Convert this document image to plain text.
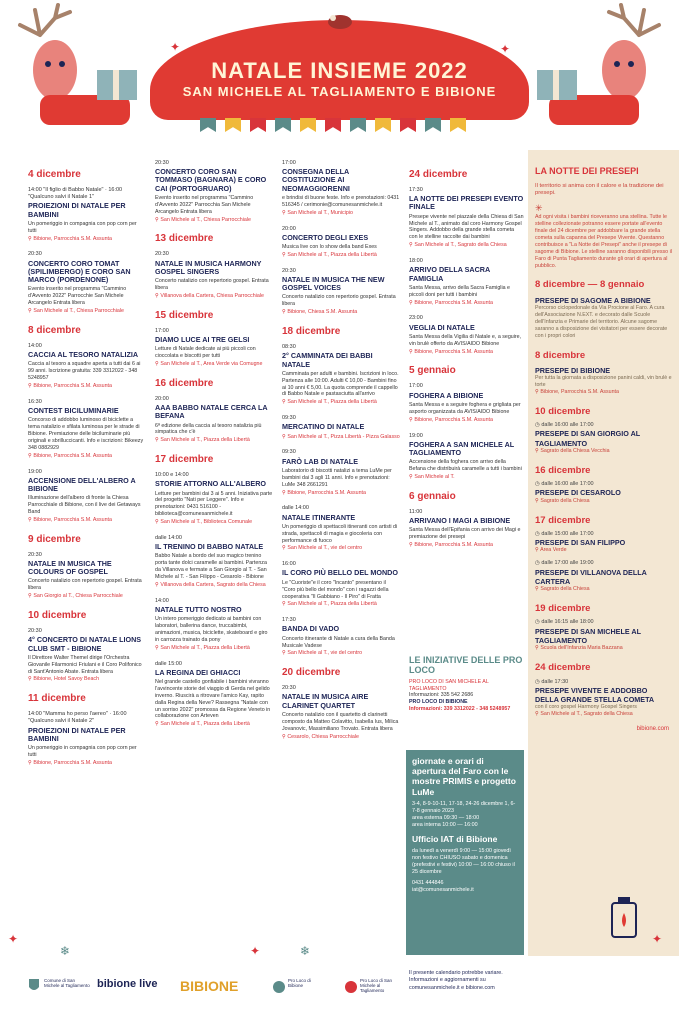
NATALE INSIEME 2022
SAN MICHELE AL TAGLIAMENTO E BIBIONE
✦	✦
4 dicembre
14:00 "Il figlio di Babbo Natale" · 16:00 "Qualcuno salvi il Natale 1"
PROIEZIONI DI NATALE PER BAMBINI
Un pomeriggio in compagnia con pop corn per tutti
⚲ Bibione, Parrocchia S.M. Assunta
20:30
CONCERTO CORO TOMAT (SPILIMBERGO) E CORO SAN MARCO (PORDENONE)
Evento inserito nel programma "Cammino d'Avvento 2022" Parrocchie San Michele Arcangelo Entrata libera
⚲ San Michele al T., Chiesa Parrocchiale
8 dicembre
14:00
CACCIA AL TESORO NATALIZIA
Caccia al tesoro a squadre aperta a tutti dai 6 ai 99 anni. Iscrizione gratuita: 339 3312022 - 348 5248957
⚲ Bibione, Parrocchia S.M. Assunta
16:30
CONTEST BICILUMINARIE
Concorso di addobbo luminoso di biciclette a tema natalizio e sfilata luminosa per le strade di Bibione. Premiazione delle biciluminarie più originali e sbrilluccicanti. Info e iscrizioni: Bikeezy 348 0882929
⚲ Bibione, Parrocchia S.M. Assunta
19:00
ACCENSIONE DELL'ALBERO A BIBIONE
Illuminazione dell'albero di fronte la Chiesa Parrocchiale di Bibione, con il live dei Getaways Band
⚲ Bibione, Parrocchia S.M. Assunta
9 dicembre
20:30
NATALE IN MUSICA THE COLOURS OF GOSPEL
Concerto natalizio con repertorio gospel. Entrata libera
⚲ San Giorgio al T., Chiesa Parrocchiale
10 dicembre
20:30
4° CONCERTO DI NATALE LIONS CLUB SMT - BIBIONE
Il Direttore Walter Themel dirige l'Orchestra Giovanile Filarmonici Friulani e il Coro Polifonico di Sant'Antonio Abate. Entrata libera
⚲ Bibione, Hotel Savoy Beach
11 dicembre
14:00 "Mamma ho perso l'aereo" · 16:00 "Qualcuno salvi il Natale 2"
PROIEZIONI DI NATALE PER BAMBINI
Un pomeriggio in compagnia con pop corn per tutti
⚲ Bibione, Parrocchia S.M. Assunta
20:30
CONCERTO CORO SAN TOMMASO (BAGNARA) E CORO CAI (PORTOGRUARO)
Evento inserito nel programma "Cammino d'Avvento 2022" Parrocchia San Michele Arcangelo Entrata libera
⚲ San Michele al T., Chiesa Parrocchiale
13 dicembre
20:30
NATALE IN MUSICA HARMONY GOSPEL SINGERS
Concerto natalizio con repertorio gospel. Entrata libera
⚲ Villanova della Cartera, Chiesa Parrocchiale
15 dicembre
17:00
DIAMO LUCE AI TRE GELSI
Letture di Natale dedicate ai più piccoli con cioccolata e biscotti per tutti
⚲ San Michele al T., Area Verde via Comugne
16 dicembre
20:00
AAA BABBO NATALE CERCA LA BEFANA
6ª edizione della caccia al tesoro natalizia più simpatica che c'è
⚲ San Michele al T., Piazza della Libertà
17 dicembre
10:00 e 14:00
STORIE ATTORNO ALL'ALBERO
Letture per bambini dai 3 ai 5 anni. Iniziativa parte del progetto "Nati per Leggere". Info e prenotazioni: 0431 516100 - biblioteca@comunesanmichele.it
⚲ San Michele al T., Biblioteca Comunale
dalle 14:00
IL TRENINO DI BABBO NATALE
Babbo Natale a bordo del suo magico trenino porta tante dolci caramelle ai bambini. Partenza da Villanova e fermate a San Giorgio al T. - San Michele al T. - San Filippo - Cesarolo - Bibione
⚲ Villanova della Cartera, Sagrato della Chiesa
14:00
NATALE TUTTO NOSTRO
Un intero pomeriggio dedicato ai bambini con laboratori, ballerina dance, truccabimbi, animazioni, musica, biciclette, skateboard e giro in carrozza trainato da pony
⚲ San Michele al T., Piazza della Libertà
dalle 15:00
LA REGINA DEI GHIACCI
Nel grande castello gonfiabile i bambini vivranno l'avvincente storie del viaggio di Gerda nel gelido inverno. Riuscirà a ritrovare l'amico Kay, rapito dalla Regina della Neve? Rassegna "Natale con un sorriso 2022" promossa da Regione Veneto in collaborazione con Arteven
⚲ San Michele al T., Piazza della Libertà
17:00
CONSEGNA DELLA COSTITUZIONE AI NEOMAGGIORENNI
e brindisi di buone feste. Info e prenotazioni: 0431 516345 / cerimonie@comunesanmichele.it
⚲ San Michele al T., Municipio
20:00
CONCERTO DEGLI EXES
Musica live con lo show della band Exes
⚲ San Michele al T., Piazza della Libertà
20:30
NATALE IN MUSICA THE NEW GOSPEL VOICES
Concerto natalizio con repertorio gospel. Entrata libera
⚲ Bibione, Chiesa S.M. Assunta
18 dicembre
08:30
2° CAMMINATA DEI BABBI NATALE
Camminata per adulti e bambini. Iscrizioni in loco. Partenza alle 10:00. Adulti € 10,00 - Bambini fino ai 10 anni € 5,00. La quota comprende il cappello di Babbo Natale e pastasciutta all'arrivo
⚲ San Michele al T., Piazza della Libertà
09:30
MERCATINO DI NATALE
⚲ San Michele al T., Pizza Libertà - Pizza Galasso
09:30
FARÒ LAB DI NATALE
Laboratorio di biscotti natalizi a tema LuMe per bambini dai 3 agli 11 anni. Info e prenotazioni: LuMe 348 2661291
⚲ Bibione, Parrocchia S.M. Assunta
dalle 14:00
NATALE ITINERANTE
Un pomeriggio di spettacoli itineranti con artisti di strada, spettacoli di magia e giocoleria con performance di fuoco
⚲ San Michele al T., vie del centro
16:00
IL CORO PIÙ BELLO DEL MONDO
Le "Cuoriste"e il coro "Incanto" presentano il "Coro più bello del mondo" con i ragazzi della cooperativa "Il Gabbiano - Il Piro" di Fratta
⚲ San Michele al T., Piazza della Libertà
17:30
BANDA DI VADO
Concerto itinerante di Natale a cura della Banda Musicale Vadese
⚲ San Michele al T., vie del centro
20 dicembre
20:30
NATALE IN MUSICA AIRE CLARINET QUARTET
Concerto natalizio con il quartetto di clarinetti composto da Matteo Colavitto, Isabella Ius, Milica Jovanovic, Massimiliano Trovato. Entrata libera
⚲ Cesarolo, Chiesa Parrocchiale
24 dicembre
17:30
LA NOTTE DEI PRESEPI EVENTO FINALE
Presepe vivente nel piazzale della Chiesa di San Michele al T., animato dal coro Harmony Gospel Singers. Addobbo della grande stella cometa con le stelline raccolte dai bambini
⚲ San Michele al T., Sagrato della Chiesa
18:00
ARRIVO DELLA SACRA FAMIGLIA
Santa Messa, arrivo della Sacra Famiglia e piccoli doni per tutti i bambini
⚲ Bibione, Parrocchia S.M. Assunta
23:00
VEGLIA DI NATALE
Santa Messa della Vigilia di Natale e, a seguire, vin brulè offerto da AVIS/AIDO Bibione
⚲ Bibione, Parrocchia S.M. Assunta
5 gennaio
17:00
FOGHERA A BIBIONE
Santa Messa e a seguire foghera e grigliata per asporto organizzata da AVIS/AIDO Bibione
⚲ Bibione, Parrocchia S.M. Assunta
19:00
FOGHERA A SAN MICHELE AL TAGLIAMENTO
Accensione della foghera con arrivo della Befana che distribuirà caramelle a tutti i bambini
⚲ San Michele al T.
6 gennaio
11:00
ARRIVANO I MAGI A BIBIONE
Santa Messa dell'Epifania con arrivo dei Magi e premiazione dei presepi
⚲ Bibione, Parrocchia S.M. Assunta
LE INIZIATIVE DELLE PRO LOCO
PRO LOCO DI SAN MICHELE AL TAGLIAMENTO
Informazioni: 335 542 2686
PRO LOCO DI BIBIONE
Informazioni: 339 3312022 - 348 5248957
giornate e orari di apertura del Faro con le mostre PRIMIS e progetto LuMe
3-4, 8-9-10-11, 17-18, 24-26 dicembre 1, 6-7-8 gennaio 2023
area esterna 09:30 — 18:00
area interna 10:00 — 16:00
Ufficio IAT di Bibione
da lunedì a venerdì 9:00 — 15:00 giovedì non festivo CHIUSO sabato e domenica (prefestivi e festivi) 10:00 — 16:00 chiuso il 25 dicembre
0431 444846
iat@comunesanmichele.it
LA NOTTE DEI PRESEPI
Il territorio si anima con il calore e la tradizione dei presepi.
✳
Ad ogni visita i bambini riceveranno una stellina. Tutte le stelline collezionate potranno essere portate all'evento finale del 24 dicembre per addobbare la grande stella cometa sulla capanna del Presepe Vivente. Questanno contribuisce a "La Notte dei Presepi" anche il presepe di sagome di Bibione. Le stelline saranno disponibili presso il Faro di Punta Tagliamento durante gli orari di apertura al pubblico.
8 dicembre — 8 gennaio
PRESEPE DI SAGOME A BIBIONE
Percorso ciclopedonale da Via Procione al Faro. A cura dell'Associazione N.EXT. e decorato dalle Scuole dell'Infanzia e Primarie del territorio. Alcune sagome saranno a disposizione dei visitatori per essere decorate con i propri colori
8 dicembre
PRESEPE DI BIBIONE
Per tutta la giornata a disposizione panini caldi, vin brulè e torte
⚲ Bibione, Parrocchia S.M. Assunta
10 dicembre
◷ dalle 16:00 alle 17:00
PRESEPE DI SAN GIORGIO AL TAGLIAMENTO
⚲ Sagrato della Chiesa Vecchia
16 dicembre
◷ dalle 16:00 alle 17:00
PRESEPE DI CESAROLO
⚲ Sagrato della Chiesa
17 dicembre
◷ dalle 15:00 alle 17:00
PRESEPE DI SAN FILIPPO
⚲ Area Verde
◷ dalle 17:00 alle 19:00
PRESEPE DI VILLANOVA DELLA CARTERA
⚲ Sagrato della Chiesa
19 dicembre
◷ dalle 16:15 alle 18:00
PRESEPE DI SAN MICHELE AL TAGLIAMENTO
⚲ Scuola dell'Infanzia Maria Bazzana
24 dicembre
◷ dalle 17:30
PRESEPE VIVENTE E ADDOBBO DELLA GRANDE STELLA COMETA
con il coro gospel Harmony Gospel Singers
⚲ San Michele al T., Sagrato della Chiesa
bibione.com
Comune di San Michele al Tagliamento bibione live BIBIONE	Pro Loco di Bibione
Pro Loco di San Michele al Tagliamento
Il presente calendario potrebbe variare. Informazioni e aggiornamenti su comunesanmichele.it e bibione.com
✦
❄	✦	❄
✦
